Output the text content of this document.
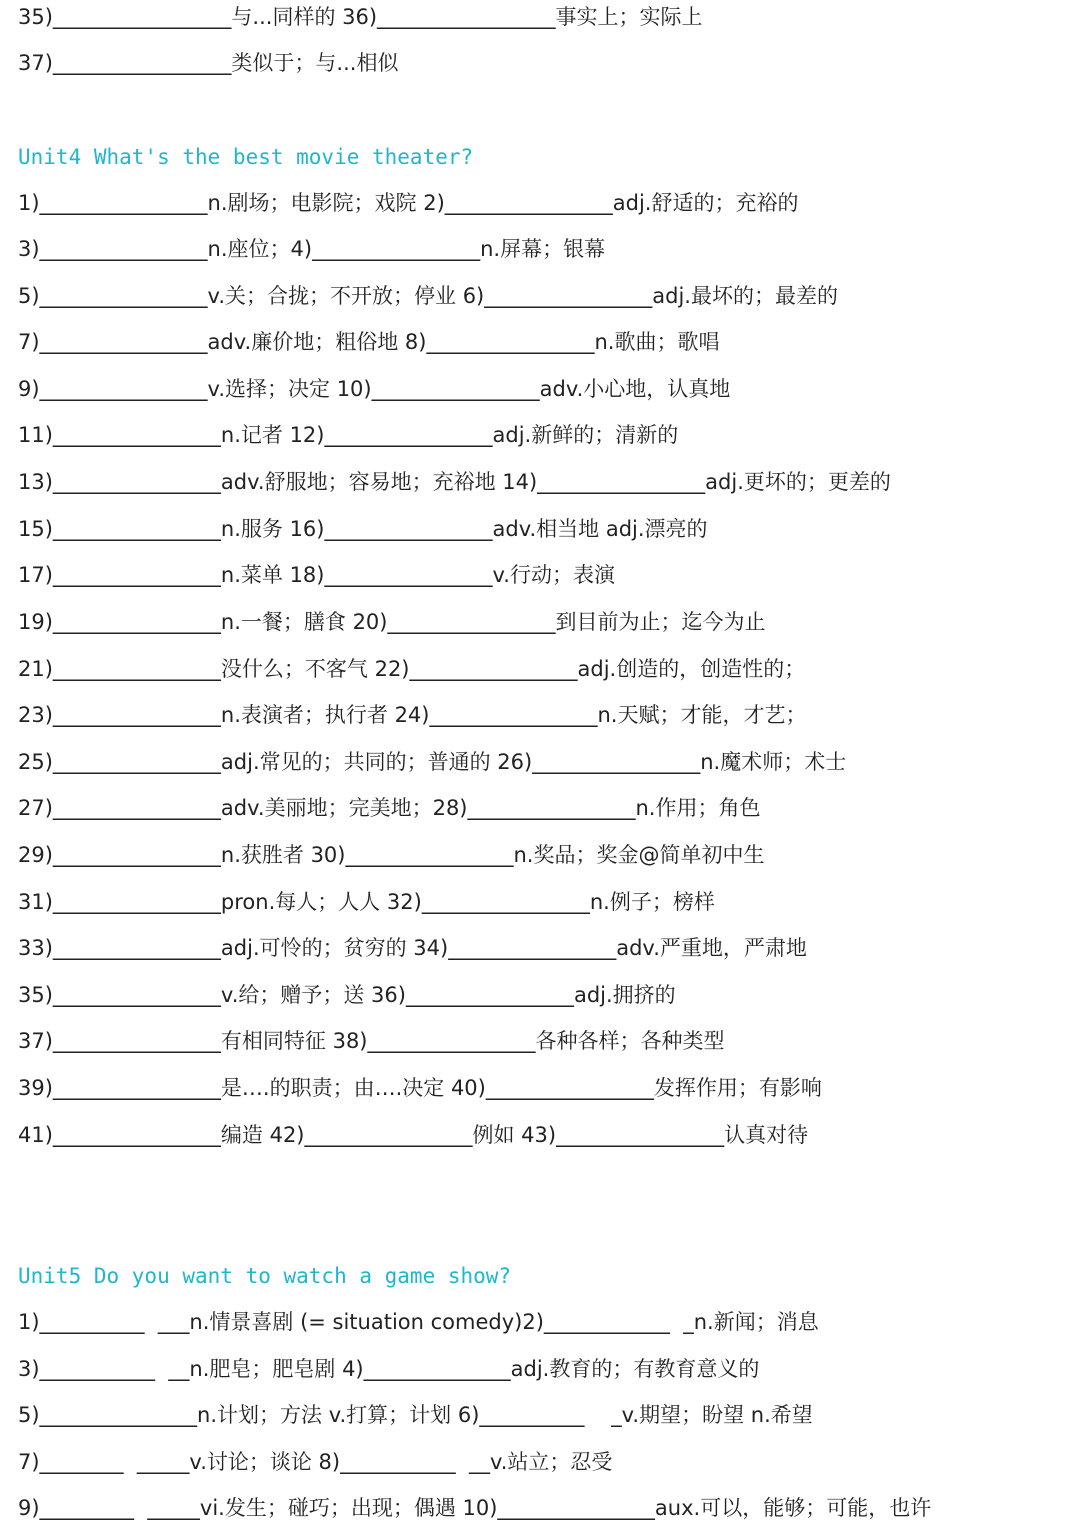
35)_________________与...同样的 36)_________________事实上；实际上
37)_________________类似于；与...相似
Unit4 What's the best movie theater?
1)________________n.剧场；电影院；戏院 2)________________adj.舒适的；充裕的
3)________________n.座位；4)________________n.屏幕；银幕
5)________________v.关；合拢；不开放；停业 6)________________adj.最坏的；最差的
7)________________adv.廉价地；粗俗地 8)________________n.歌曲；歌唱
9)________________v.选择；决定 10)________________adv.小心地，认真地
11)________________n.记者 12)________________adj.新鲜的；清新的
13)________________adv.舒服地；容易地；充裕地 14)________________adj.更坏的；更差的
15)________________n.服务 16)________________adv.相当地 adj.漂亮的
17)________________n.菜单 18)________________v.行动；表演
19)________________n.一餐；膳食 20)________________到目前为止；迄今为止
21)________________没什么；不客气 22)________________adj.创造的，创造性的；
23)________________n.表演者；执行者 24)________________n.天赋；才能，才艺；
25)________________adj.常见的；共同的；普通的 26)________________n.魔术师；术士
27)________________adv.美丽地；完美地；28)________________n.作用；角色
29)________________n.获胜者 30)________________n.奖品；奖金@简单初中生
31)________________pron.每人；人人 32)________________n.例子；榜样
33)________________adj.可怜的；贫穷的 34)________________adv.严重地，严肃地
35)________________v.给；赠予；送 36)________________adj.拥挤的
37)________________有相同特征 38)________________各种各样；各种类型
39)________________是….的职责；由….决定 40)________________发挥作用；有影响
41)________________编造 42)________________例如 43)________________认真对待
Unit5 Do you want to watch a game show?
1)__________  ___n.情景喜剧 (= situation comedy)2)____________  _n.新闻；消息
3)___________  __n.肥皂；肥皂剧 4)______________adj.教育的；有教育意义的
5)_______________n.计划；方法 v.打算；计划 6)__________    _v.期望；盼望 n.希望
7)________  _____v.讨论；谈论 8)___________  __v.站立；忍受
9)_________  _____vi.发生；碰巧；出现；偶遇 10)_______________aux.可以，能够；可能，也许
